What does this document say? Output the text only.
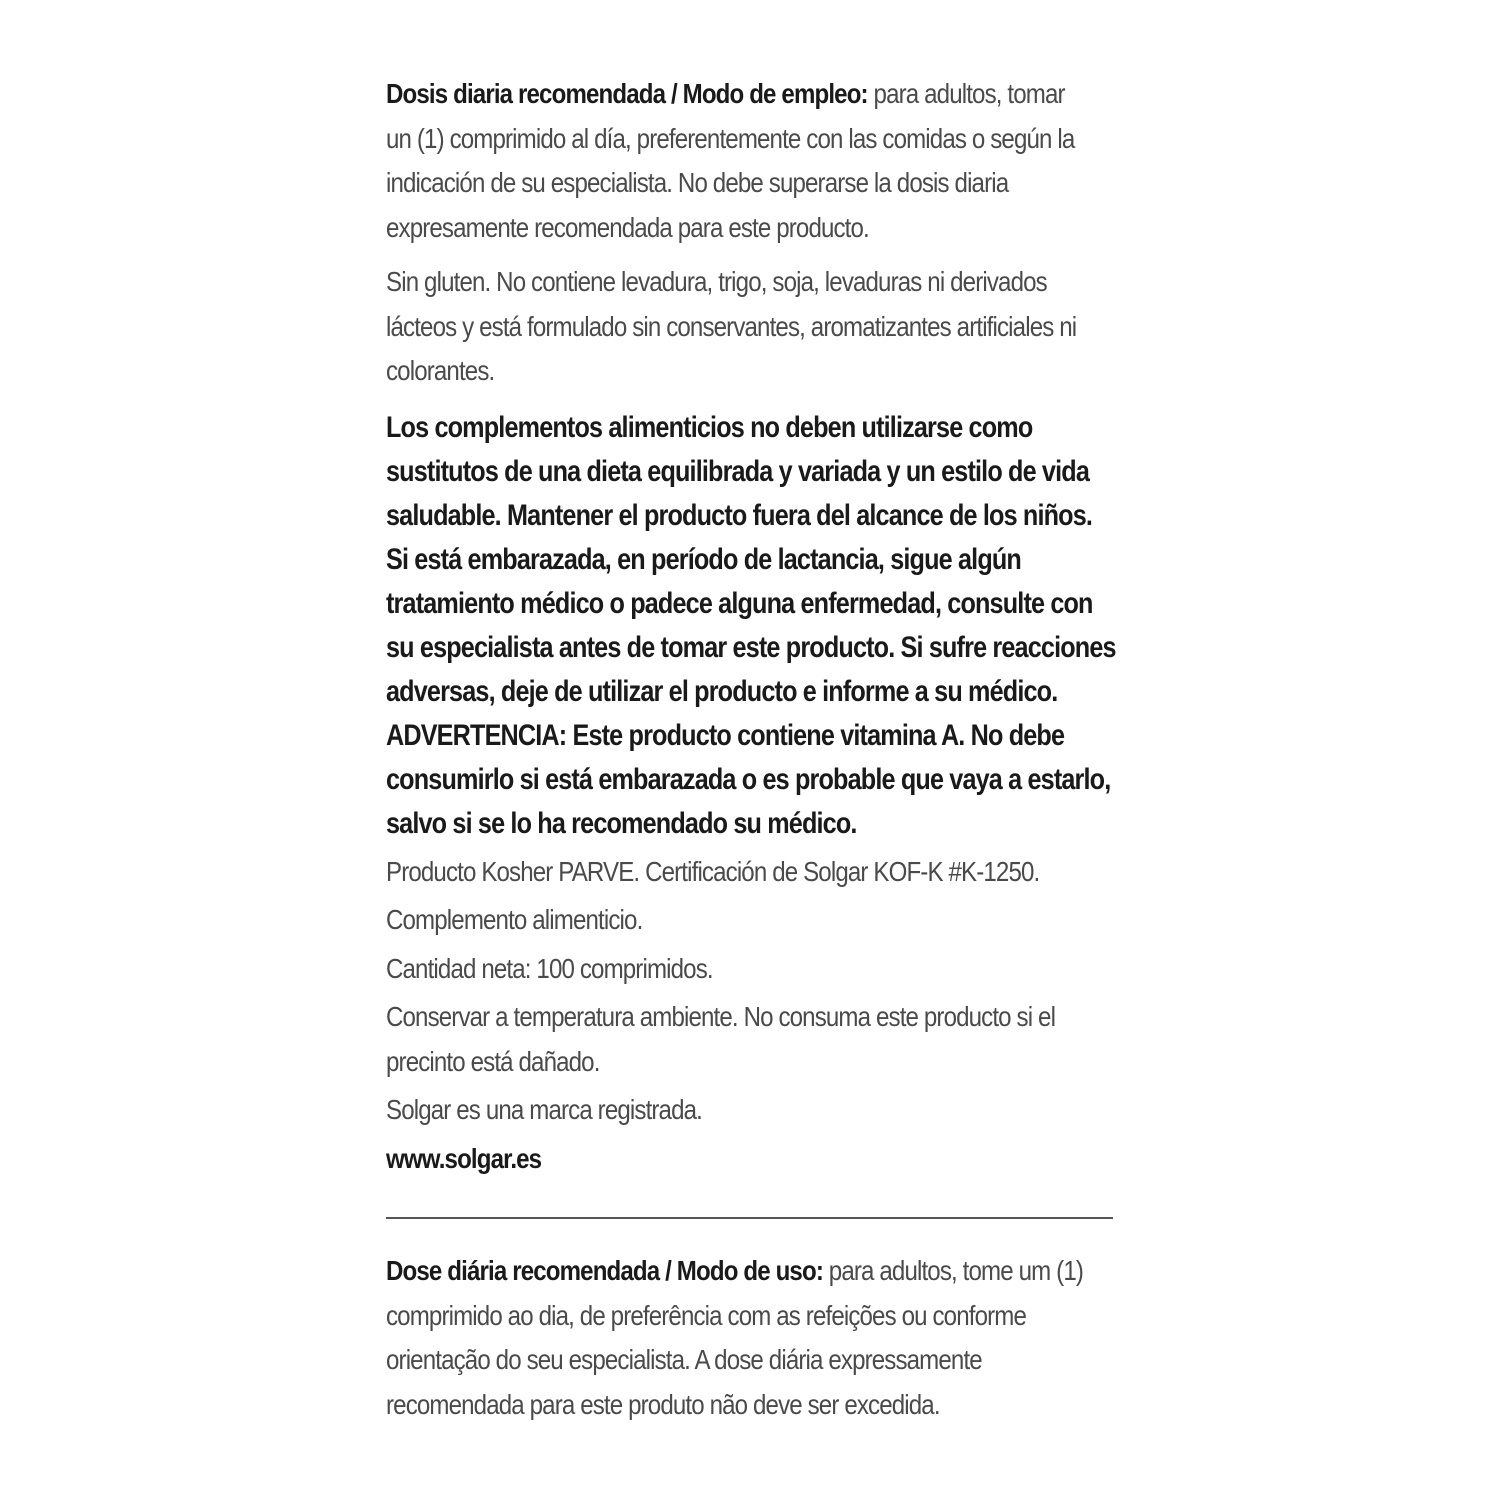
Dosis diaria recomendada / Modo de empleo: para adultos, tomar
un (1) comprimido al día, preferentemente con las comidas o según la
indicación de su especialista. No debe superarse la dosis diaria
expresamente recomendada para este producto.
Sin gluten. No contiene levadura, trigo, soja, levaduras ni derivados
lácteos y está formulado sin conservantes, aromatizantes artificiales ni
colorantes.
Los complementos alimenticios no deben utilizarse como
sustitutos de una dieta equilibrada y variada y un estilo de vida
saludable. Mantener el producto fuera del alcance de los niños.
Si está embarazada, en período de lactancia, sigue algún
tratamiento médico o padece alguna enfermedad, consulte con
su especialista antes de tomar este producto. Si sufre reacciones
adversas, deje de utilizar el producto e informe a su médico.
ADVERTENCIA: Este producto contiene vitamina A. No debe
consumirlo si está embarazada o es probable que vaya a estarlo,
salvo si se lo ha recomendado su médico.
Producto Kosher PARVE. Certificación de Solgar KOF-K #K-1250.
Complemento alimenticio.
Cantidad neta: 100 comprimidos.
Conservar a temperatura ambiente. No consuma este producto si el
precinto está dañado.
Solgar es una marca registrada.
www.solgar.es
Dose diária recomendada / Modo de uso: para adultos, tome um (1)
comprimido ao dia, de preferência com as refeições ou conforme
orientação do seu especialista. A dose diária expressamente
recomendada para este produto não deve ser excedida.
